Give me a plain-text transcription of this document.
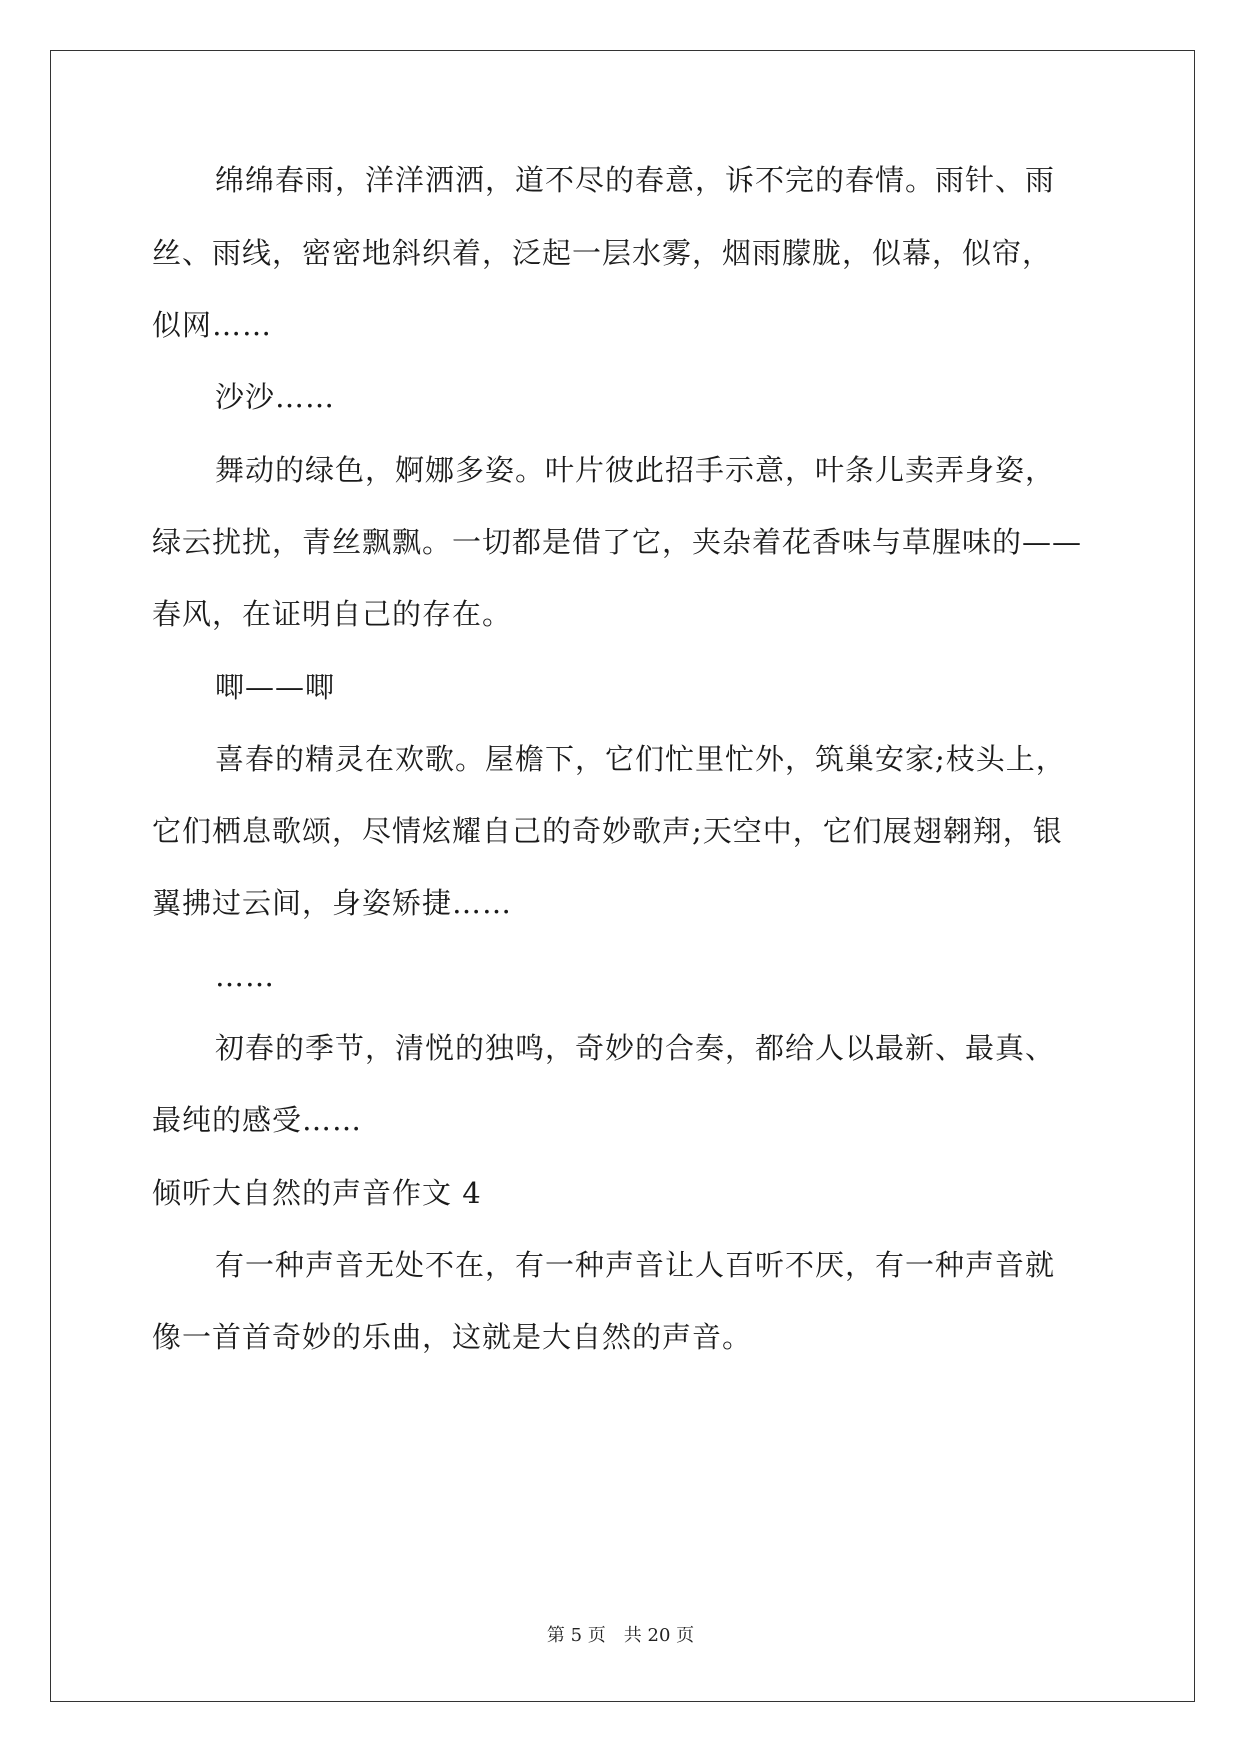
绵绵春雨，洋洋洒洒，道不尽的春意，诉不完的春情。雨针、雨
丝、雨线，密密地斜织着，泛起一层水雾，烟雨朦胧，似幕，似帘，
似网……
沙沙……
舞动的绿色，婀娜多姿。叶片彼此招手示意，叶条儿卖弄身姿，
绿云扰扰，青丝飘飘。一切都是借了它，夹杂着花香味与草腥味的——
春风，在证明自己的存在。
唧——唧
喜春的精灵在欢歌。屋檐下，它们忙里忙外，筑巢安家;枝头上，
它们栖息歌颂，尽情炫耀自己的奇妙歌声;天空中，它们展翅翱翔，银
翼拂过云间，身姿矫捷……
……
初春的季节，清悦的独鸣，奇妙的合奏，都给人以最新、最真、
最纯的感受……
倾听大自然的声音作文 4
有一种声音无处不在，有一种声音让人百听不厌，有一种声音就
像一首首奇妙的乐曲，这就是大自然的声音。
第 5 页　共 20 页
